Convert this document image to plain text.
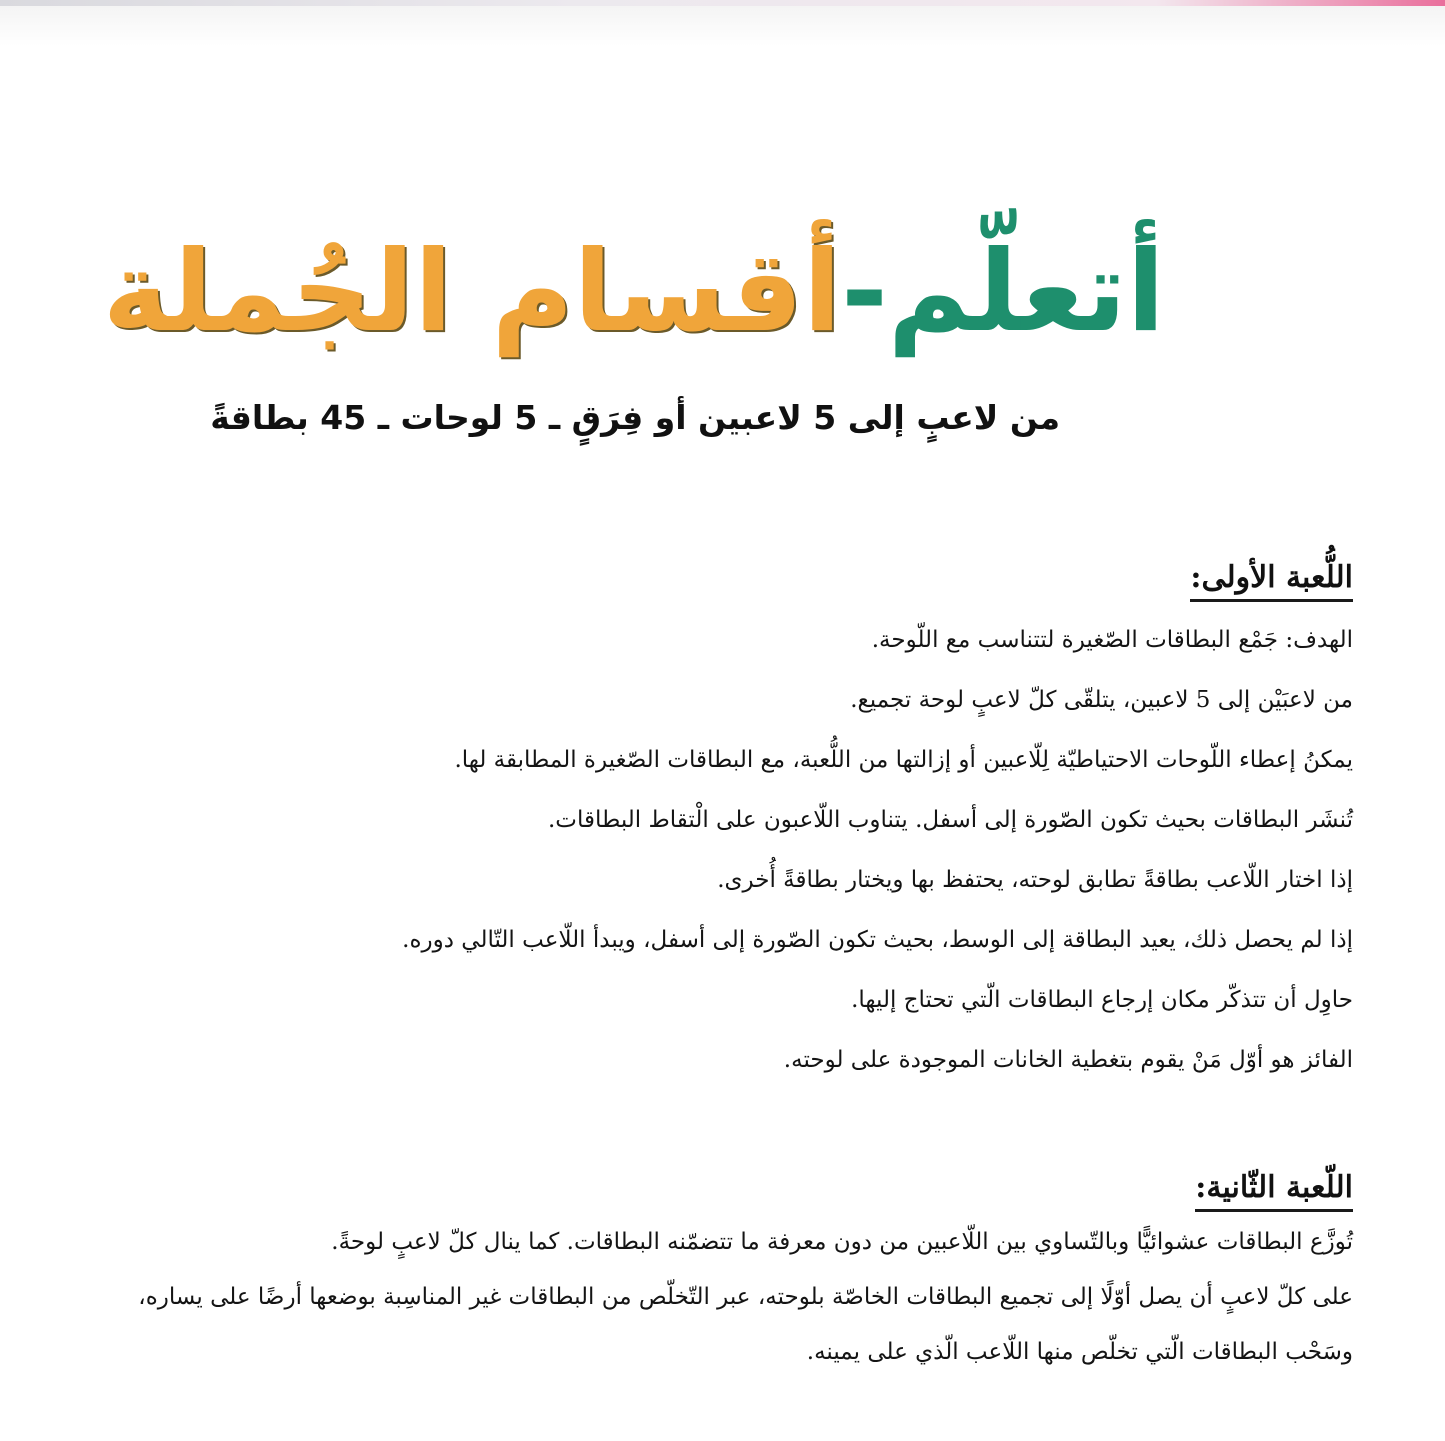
أتعلّم-أقسام الجُملة
من لاعبٍ إلى 5 لاعبين أو فِرَقٍ ـ 5 لوحات ـ 45 بطاقةً
اللُّعبة الأولى:
الهدف: جَمْع البطاقات الصّغيرة لتتناسب مع اللّوحة.
من لاعبَيْن إلى 5 لاعبين، يتلقّى كلّ لاعبٍ لوحة تجميع.
يمكنُ إعطاء اللّوحات الاحتياطيّة لِلّاعبين أو إزالتها من اللُّعبة، مع البطاقات الصّغيرة المطابقة لها.
تُنشَر البطاقات بحيث تكون الصّورة إلى أسفل. يتناوب اللّاعبون على الْتقاط البطاقات.
إذا اختار اللّاعب بطاقةً تطابق لوحته، يحتفظ بها ويختار بطاقةً أُخرى.
إذا لم يحصل ذلك، يعيد البطاقة إلى الوسط، بحيث تكون الصّورة إلى أسفل، ويبدأ اللّاعب التّالي دوره.
حاوِل أن تتذكّر مكان إرجاع البطاقات الّتي تحتاج إليها.
الفائز هو أوّل مَنْ يقوم بتغطية الخانات الموجودة على لوحته.
اللّعبة الثّانية:
تُوزَّع البطاقات عشوائيًّا وبالتّساوي بين اللّاعبين من دون معرفة ما تتضمّنه البطاقات. كما ينال كلّ لاعبٍ لوحةً.
على كلّ لاعبٍ أن يصل أوّلًا إلى تجميع البطاقات الخاصّة بلوحته، عبر التّخلّص من البطاقات غير المناسِبة بوضعها أرضًا على يساره،
وسَحْب البطاقات الّتي تخلّص منها اللّاعب الّذي على يمينه.
